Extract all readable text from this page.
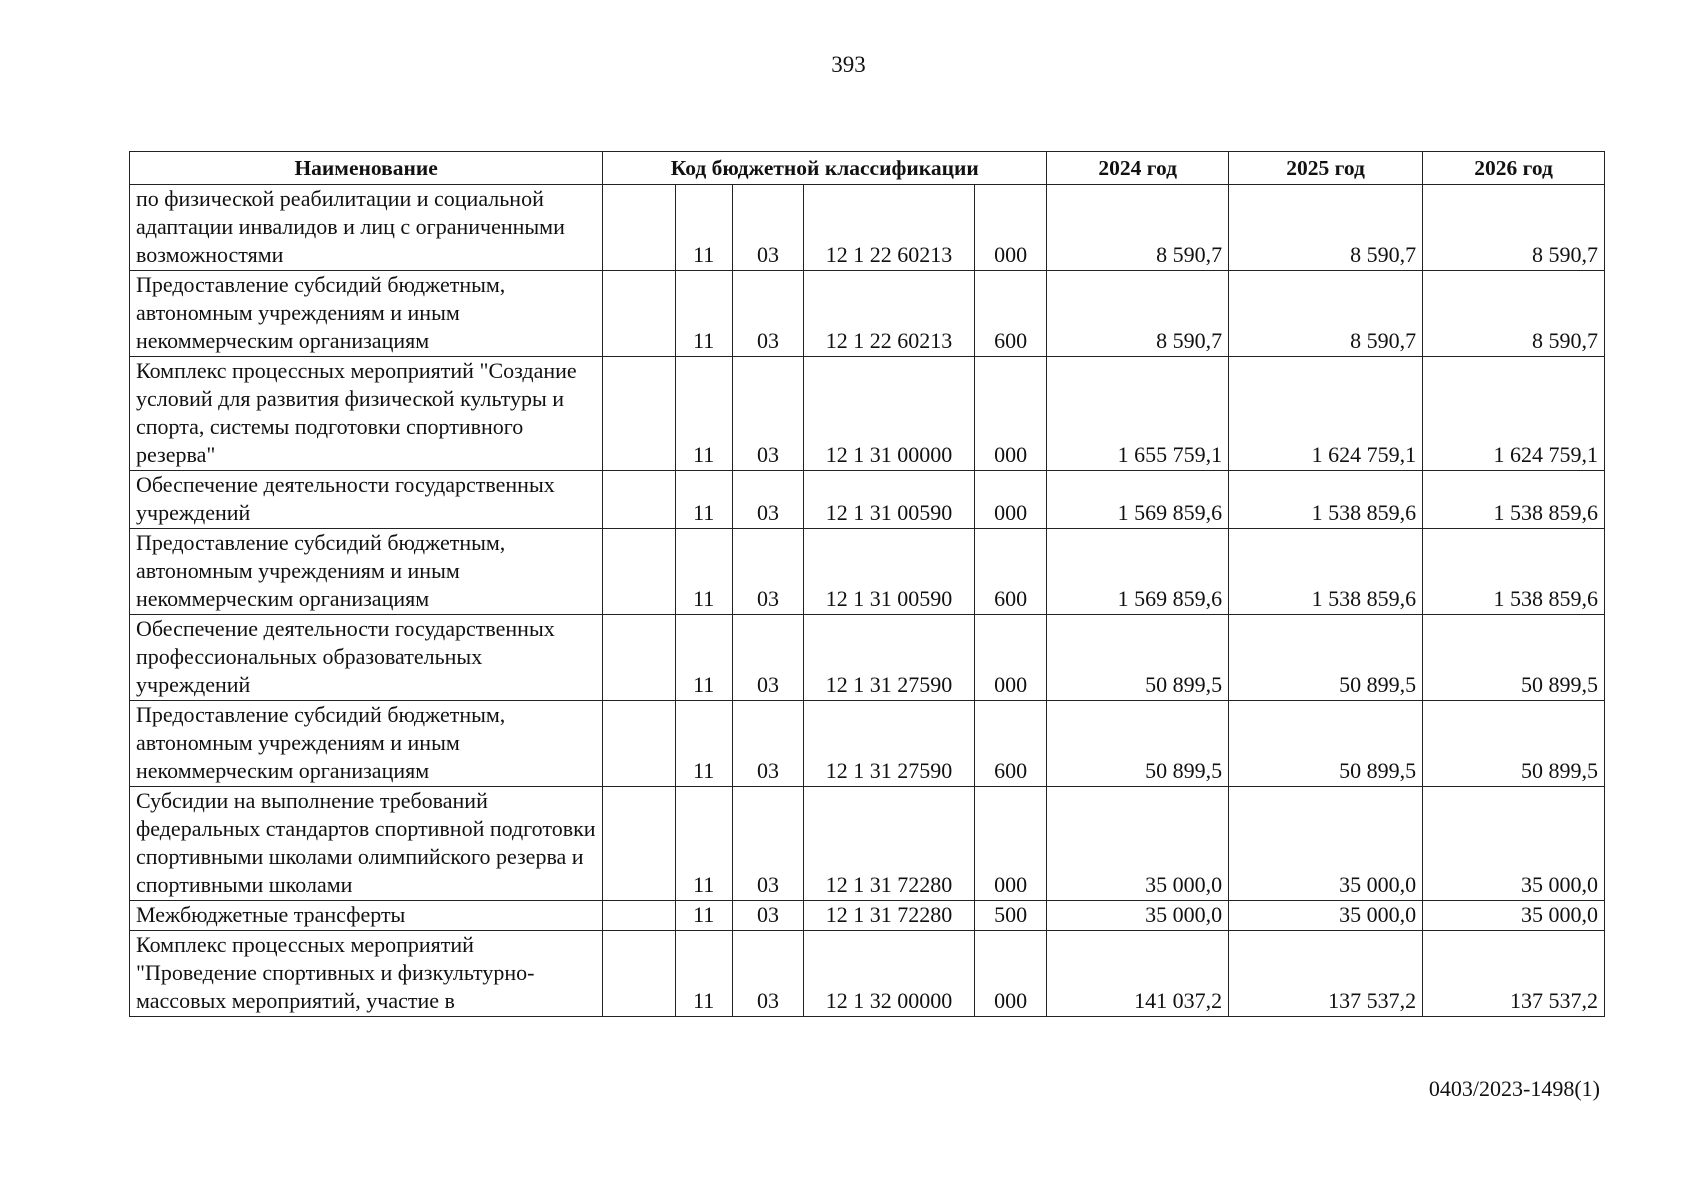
393
Наименование	Код бюджетной классификации					2024 год	2025 год	2026 год
по физической реабилитации и социальной адаптации инвалидов и лиц с ограниченными возможностями		11	03	12 1 22 60213	000	8 590,7	8 590,7	8 590,7
Предоставление субсидий бюджетным, автономным учреждениям и иным некоммерческим организациям		11	03	12 1 22 60213	600	8 590,7	8 590,7	8 590,7
Комплекс процессных мероприятий "Создание условий для развития физической культуры и спорта, системы подготовки спортивного резерва"		11	03	12 1 31 00000	000	1 655 759,1	1 624 759,1	1 624 759,1
Обеспечение деятельности государственных учреждений		11	03	12 1 31 00590	000	1 569 859,6	1 538 859,6	1 538 859,6
Предоставление субсидий бюджетным, автономным учреждениям и иным некоммерческим организациям		11	03	12 1 31 00590	600	1 569 859,6	1 538 859,6	1 538 859,6
Обеспечение деятельности государственных профессиональных образовательных учреждений		11	03	12 1 31 27590	000	50 899,5	50 899,5	50 899,5
Предоставление субсидий бюджетным, автономным учреждениям и иным некоммерческим организациям		11	03	12 1 31 27590	600	50 899,5	50 899,5	50 899,5
Субсидии на выполнение требований федеральных стандартов спортивной подготовки спортивными школами олимпийского резерва и спортивными школами		11	03	12 1 31 72280	000	35 000,0	35 000,0	35 000,0
Межбюджетные трансферты		11	03	12 1 31 72280	500	35 000,0	35 000,0	35 000,0
Комплекс процессных мероприятий "Проведение спортивных и физкультурно-массовых мероприятий, участие в		11	03	12 1 32 00000	000	141 037,2	137 537,2	137 537,2
0403/2023-1498(1)
